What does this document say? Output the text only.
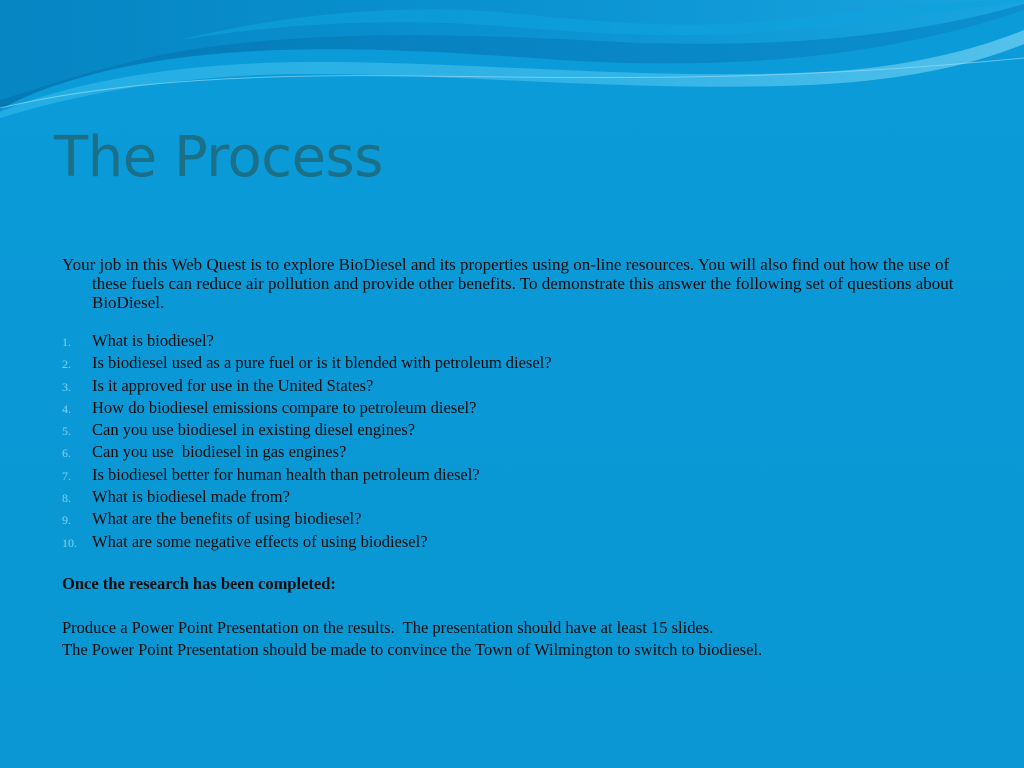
The Process

Your job in this Web Quest is to explore BioDiesel and its properties using on-line resources. You will also find out how the use of these fuels can reduce air pollution and provide other benefits. To demonstrate this answer the following set of questions about BioDiesel.

1. What is biodiesel?
2. Is biodiesel used as a pure fuel or is it blended with petroleum diesel?
3. Is it approved for use in the United States?
4. How do biodiesel emissions compare to petroleum diesel?
5. Can you use biodiesel in existing diesel engines?
6. Can you use  biodiesel in gas engines?
7. Is biodiesel better for human health than petroleum diesel?
8. What is biodiesel made from?
9. What are the benefits of using biodiesel?
10. What are some negative effects of using biodiesel?

Once the research has been completed:

Produce a Power Point Presentation on the results.  The presentation should have at least 15 slides.

The Power Point Presentation should be made to convince the Town of Wilmington to switch to biodiesel.
